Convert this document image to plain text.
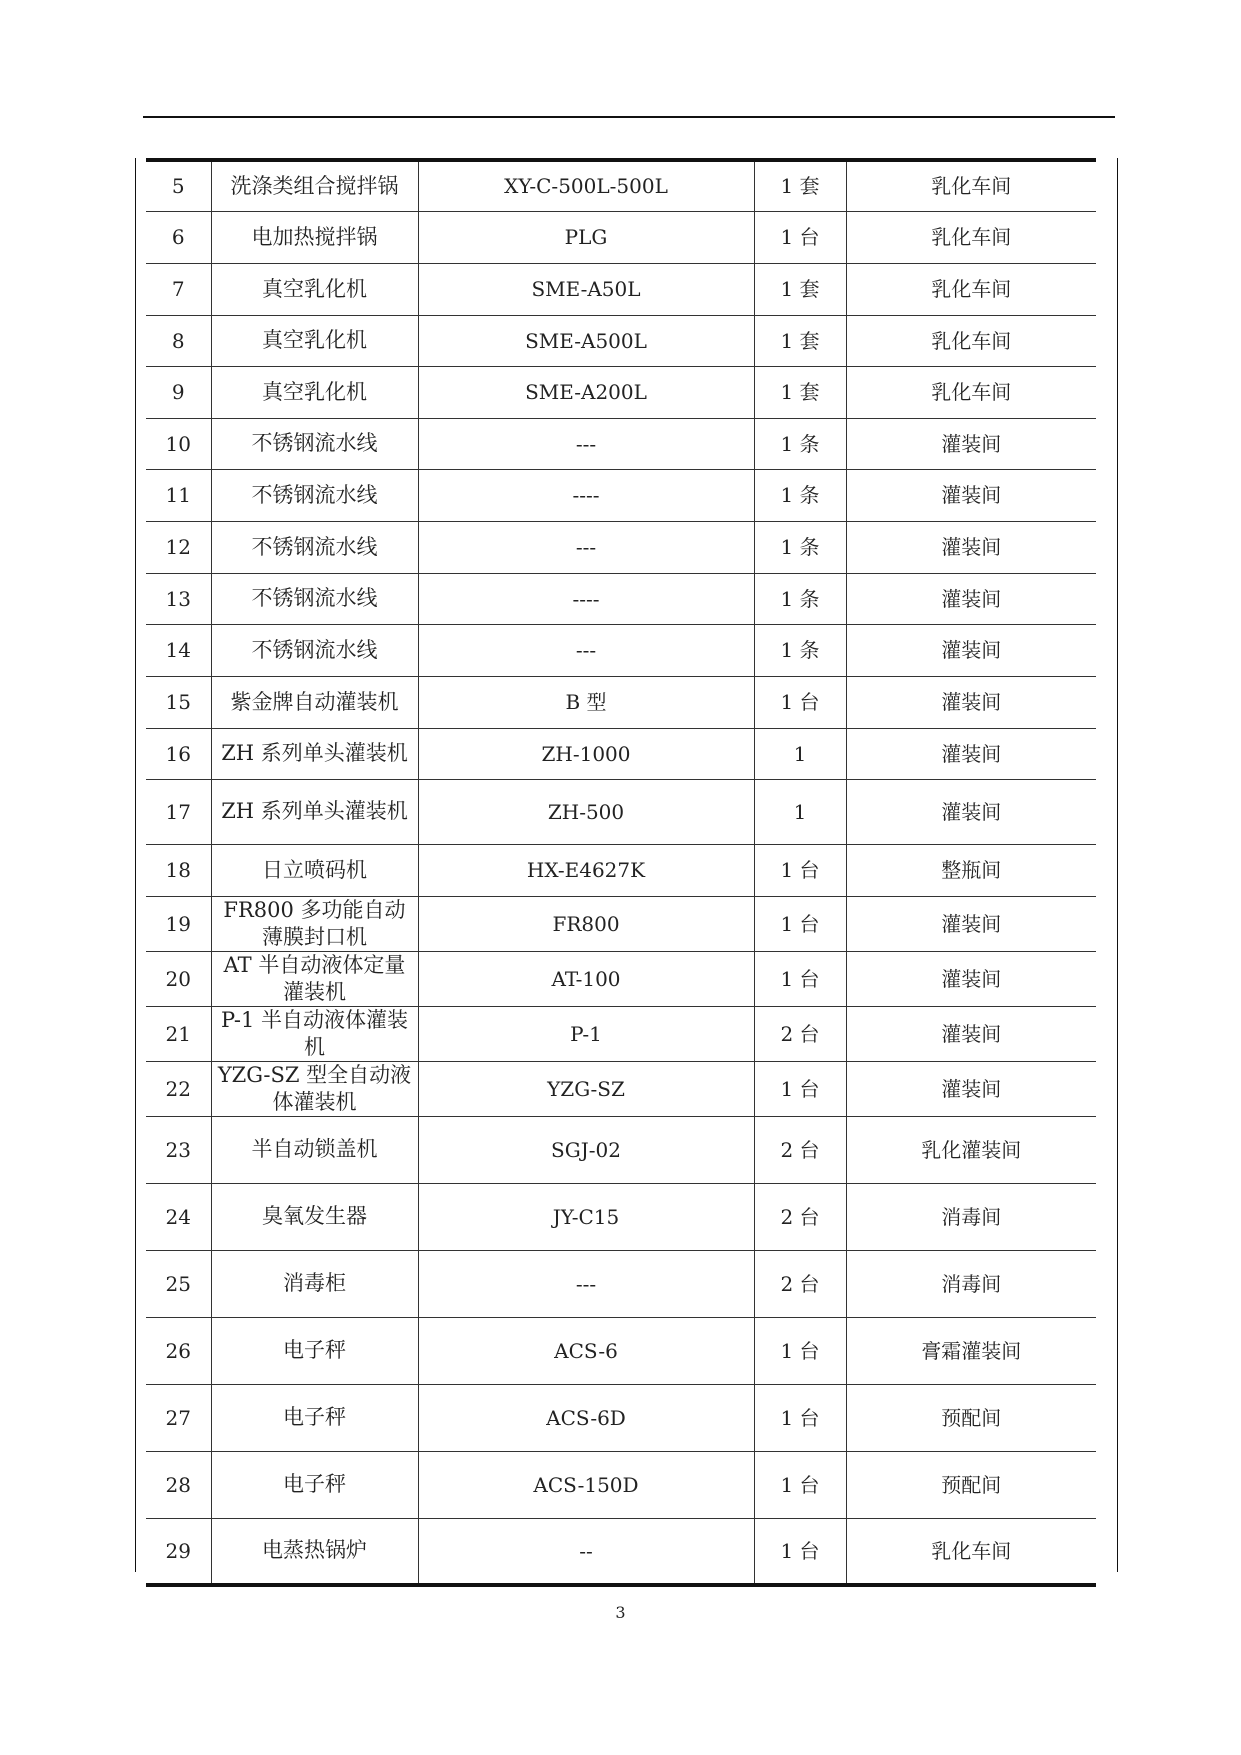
5	洗涤类组合搅拌锅	XY-C-500L-500L	1 套	乳化车间
6	电加热搅拌锅	PLG	1 台	乳化车间
7	真空乳化机	SME-A50L	1 套	乳化车间
8	真空乳化机	SME-A500L	1 套	乳化车间
9	真空乳化机	SME-A200L	1 套	乳化车间
10	不锈钢流水线	---	1 条	灌装间
11	不锈钢流水线	----	1 条	灌装间
12	不锈钢流水线	---	1 条	灌装间
13	不锈钢流水线	----	1 条	灌装间
14	不锈钢流水线	---	1 条	灌装间
15	紫金牌自动灌装机	B 型	1 台	灌装间
16	ZH 系列单头灌装机	ZH-1000	1	灌装间
17	ZH 系列单头灌装机	ZH-500	1	灌装间
18	日立喷码机	HX-E4627K	1 台	整瓶间
19	FR800 多功能自动薄膜封口机	FR800	1 台	灌装间
20	AT 半自动液体定量灌装机	AT-100	1 台	灌装间
21	P-1 半自动液体灌装机	P-1	2 台	灌装间
22	YZG-SZ 型全自动液体灌装机	YZG-SZ	1 台	灌装间
23	半自动锁盖机	SGJ-02	2 台	乳化灌装间
24	臭氧发生器	JY-C15	2 台	消毒间
25	消毒柜	---	2 台	消毒间
26	电子秤	ACS-6	1 台	膏霜灌装间
27	电子秤	ACS-6D	1 台	预配间
28	电子秤	ACS-150D	1 台	预配间
29	电蒸热锅炉	--	1 台	乳化车间
3
